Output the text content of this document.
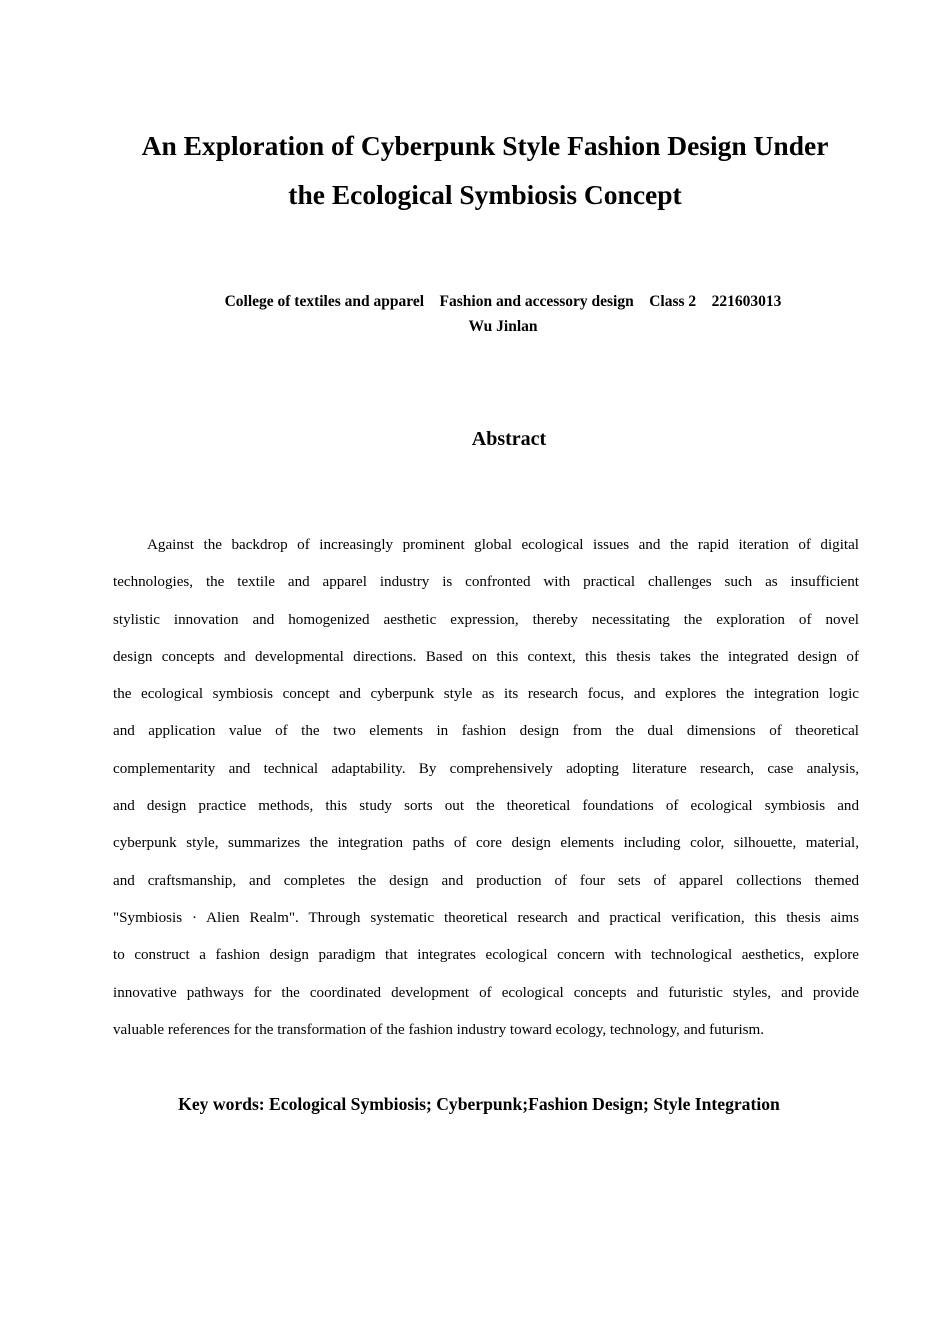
An Exploration of Cyberpunk Style Fashion Design Under
the Ecological Symbiosis Concept
College of textiles and apparel    Fashion and accessory design    Class 2    221603013
Wu Jinlan
Abstract

Against the backdrop of increasingly prominent global ecological issues and the rapid iteration of digital
technologies, the textile and apparel industry is confronted with practical challenges such as insufficient
stylistic innovation and homogenized aesthetic expression, thereby necessitating the exploration of novel
design concepts and developmental directions. Based on this context, this thesis takes the integrated design of
the ecological symbiosis concept and cyberpunk style as its research focus, and explores the integration logic
and application value of the two elements in fashion design from the dual dimensions of theoretical
complementarity and technical adaptability. By comprehensively adopting literature research, case analysis,
and design practice methods, this study sorts out the theoretical foundations of ecological symbiosis and
cyberpunk style, summarizes the integration paths of core design elements including color, silhouette, material,
and craftsmanship, and completes the design and production of four sets of apparel collections themed
"Symbiosis · Alien Realm". Through systematic theoretical research and practical verification, this thesis aims
to construct a fashion design paradigm that integrates ecological concern with technological aesthetics, explore
innovative pathways for the coordinated development of ecological concepts and futuristic styles, and provide
valuable references for the transformation of the fashion industry toward ecology, technology, and futurism.

Key words: Ecological Symbiosis; Cyberpunk;Fashion Design; Style Integration
